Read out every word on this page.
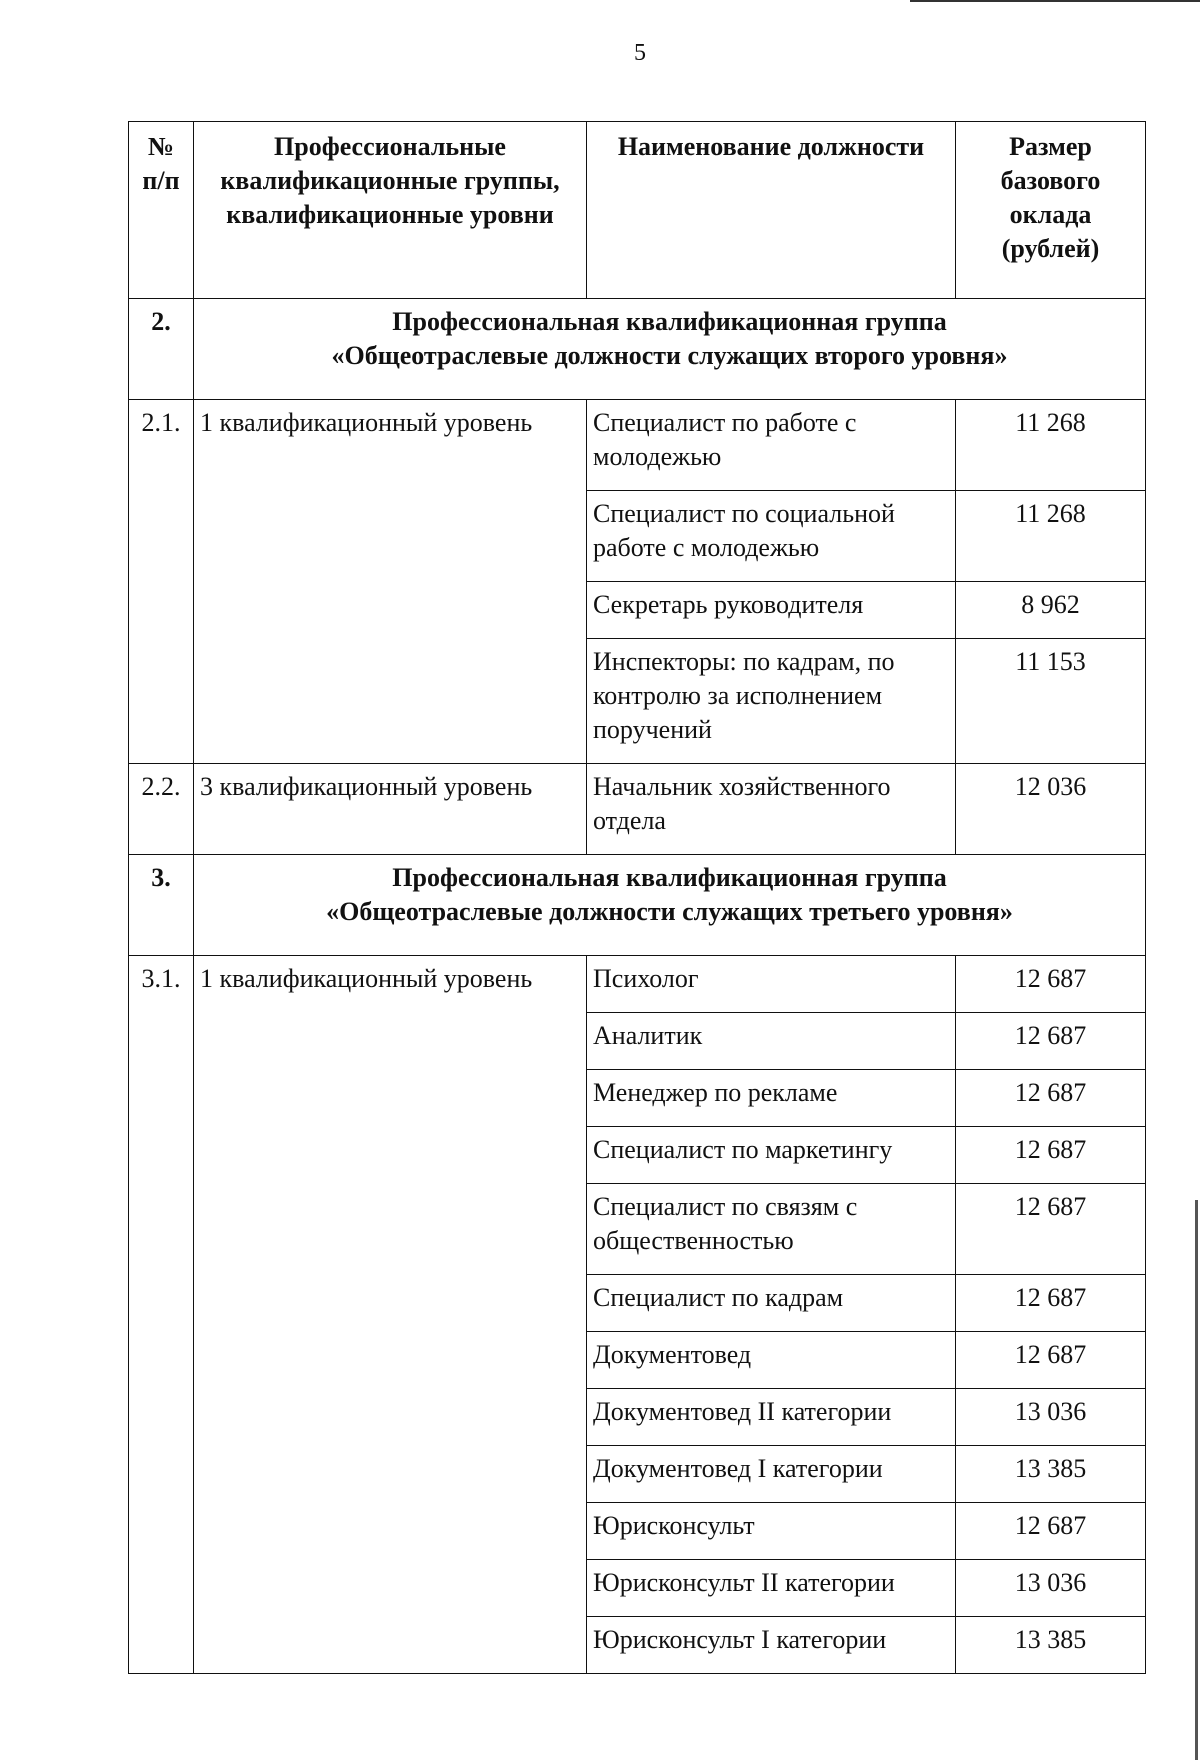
5
№ п/п	Профессиональные квалификационные группы, квалификационные уровни	Наименование должности	Размер базового оклада (рублей)
2.	Профессиональная квалификационная группа
«Общеотраслевые должности служащих второго уровня»		

2.1.	1 квалификационный уровень	Специалист по работе с молодежью	11 268
		Специалист по социальной работе с молодежью	11 268
		Секретарь руководителя	8 962
		Инспекторы: по кадрам, по контролю за исполнением поручений	11 153
2.2.	3 квалификационный уровень	Начальник хозяйственного отдела	12 036
3.	Профессиональная квалификационная группа
«Общеотраслевые должности служащих третьего уровня»		

3.1.	1 квалификационный уровень	Психолог	12 687
		Аналитик	12 687
		Менеджер по рекламе	12 687
		Специалист по маркетингу	12 687
		Специалист по связям с общественностью	12 687
		Специалист по кадрам	12 687
		Документовед	12 687
		Документовед II категории	13 036
		Документовед I категории	13 385
		Юрисконсульт	12 687
		Юрисконсульт II категории	13 036
		Юрисконсульт I категории	13 385
